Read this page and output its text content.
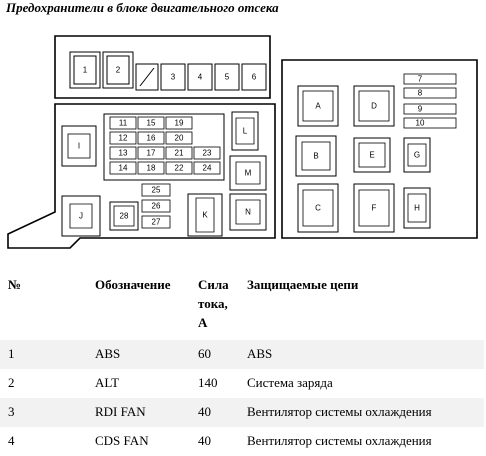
Предохранители в блоке двигательного отсека
1	2
3	4	5	6
11 15 19
12 16 20
13 17 21 23
14 18 22 24
25
26
27
28
7
8
9
10
I
J	K
L
M
N
A	D
B	E	G
C	F	H
№	Обозначение	Сила
тока,
А	Защищаемые цепи
1	ABS	60	ABS
2	ALT	140	Система заряда
3	RDI FAN	40	Вентилятор системы охлаждения
4	CDS FAN	40	Вентилятор системы охлаждения
